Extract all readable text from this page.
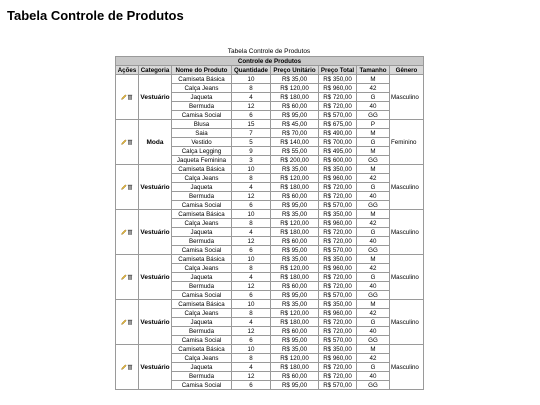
Tabela Controle de Produtos
Tabela Controle de Produtos
Controle de Produtos							
Ações	Categoria	Nome do Produto	Quantidade	Preço Unitário	Preço Total	Tamanho	Gênero

	Vestuário	Camiseta Básica	10	R$ 35,00	R$ 350,00	M	Masculino
		Calça Jeans	8	R$ 120,00	R$ 960,00	42	
		Jaqueta	4	R$ 180,00	R$ 720,00	G	
		Bermuda	12	R$ 60,00	R$ 720,00	40	
		Camisa Social	6	R$ 95,00	R$ 570,00	GG	

	Moda	Blusa	15	R$ 45,00	R$ 675,00	P	Feminino
		Saia	7	R$ 70,00	R$ 490,00	M	
		Vestido	5	R$ 140,00	R$ 700,00	G	
		Calça Legging	9	R$ 55,00	R$ 495,00	M	
		Jaqueta Feminina	3	R$ 200,00	R$ 600,00	GG	

	Vestuário	Camiseta Básica	10	R$ 35,00	R$ 350,00	M	Masculino
		Calça Jeans	8	R$ 120,00	R$ 960,00	42	
		Jaqueta	4	R$ 180,00	R$ 720,00	G	
		Bermuda	12	R$ 60,00	R$ 720,00	40	
		Camisa Social	6	R$ 95,00	R$ 570,00	GG	

	Vestuário	Camiseta Básica	10	R$ 35,00	R$ 350,00	M	Masculino
		Calça Jeans	8	R$ 120,00	R$ 960,00	42	
		Jaqueta	4	R$ 180,00	R$ 720,00	G	
		Bermuda	12	R$ 60,00	R$ 720,00	40	
		Camisa Social	6	R$ 95,00	R$ 570,00	GG	

	Vestuário	Camiseta Básica	10	R$ 35,00	R$ 350,00	M	Masculino
		Calça Jeans	8	R$ 120,00	R$ 960,00	42	
		Jaqueta	4	R$ 180,00	R$ 720,00	G	
		Bermuda	12	R$ 60,00	R$ 720,00	40	
		Camisa Social	6	R$ 95,00	R$ 570,00	GG	

	Vestuário	Camiseta Básica	10	R$ 35,00	R$ 350,00	M	Masculino
		Calça Jeans	8	R$ 120,00	R$ 960,00	42	
		Jaqueta	4	R$ 180,00	R$ 720,00	G	
		Bermuda	12	R$ 60,00	R$ 720,00	40	
		Camisa Social	6	R$ 95,00	R$ 570,00	GG	

	Vestuário	Camiseta Básica	10	R$ 35,00	R$ 350,00	M	Masculino
		Calça Jeans	8	R$ 120,00	R$ 960,00	42	
		Jaqueta	4	R$ 180,00	R$ 720,00	G	
		Bermuda	12	R$ 60,00	R$ 720,00	40	
		Camisa Social	6	R$ 95,00	R$ 570,00	GG	
